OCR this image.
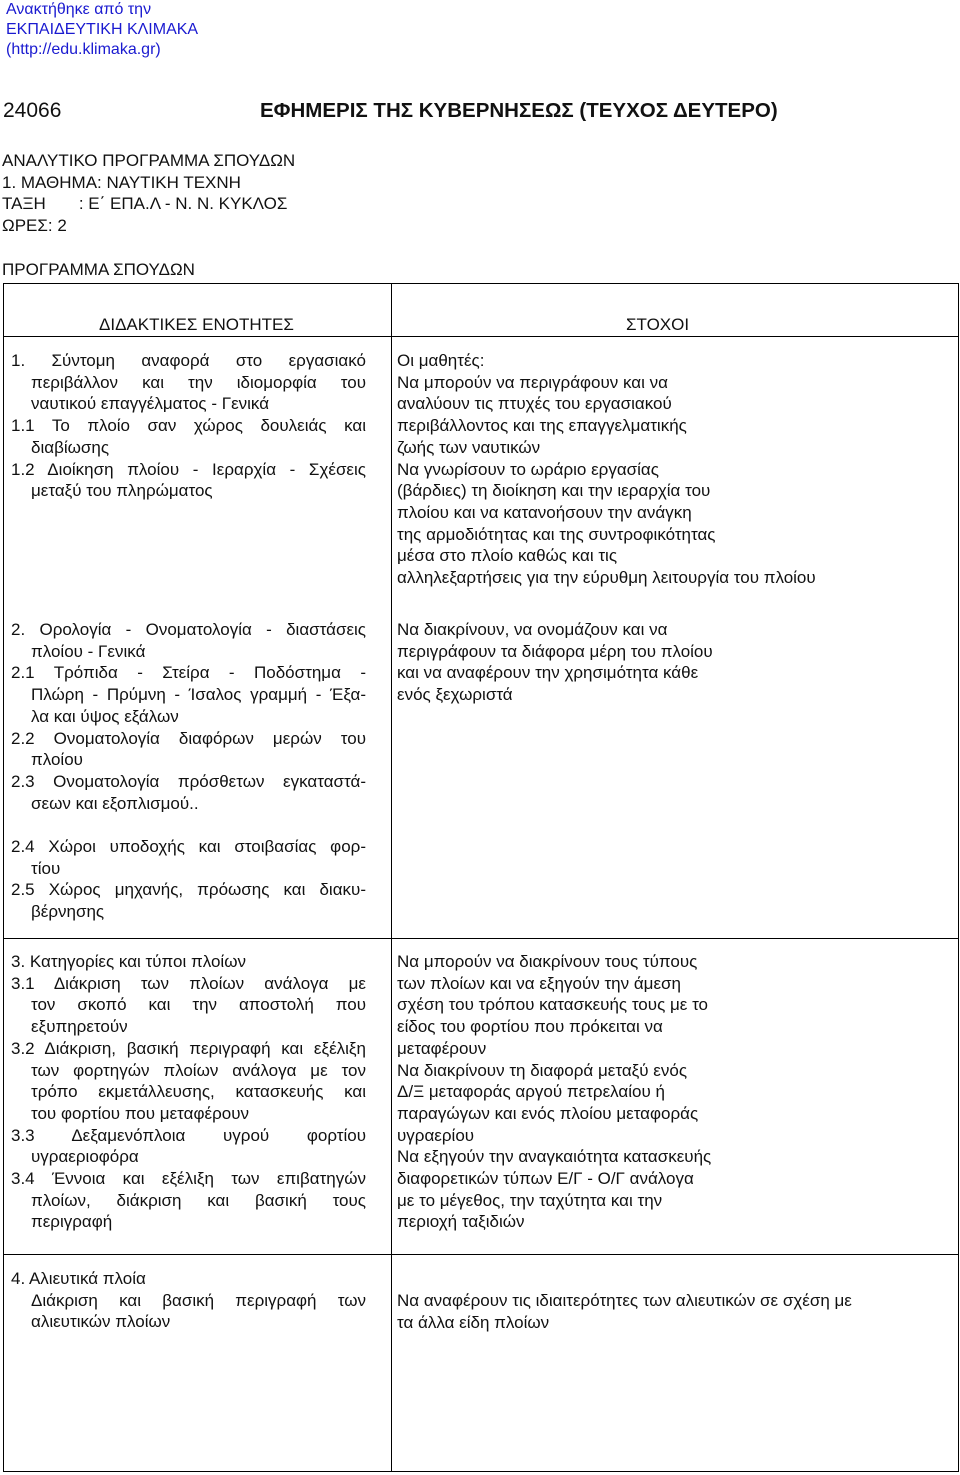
Ανακτήθηκε από την
ΕΚΠΑΙΔΕΥΤΙΚΗ ΚΛΙΜΑΚΑ
(http://edu.klimaka.gr)
24066	ΕΦΗΜΕΡΙΣ ΤΗΣ ΚΥΒΕΡΝΗΣΕΩΣ (ΤΕΥΧΟΣ ΔΕΥΤΕΡΟ)
ΑΝΑΛΥΤΙΚΟ ΠΡΟΓΡΑΜΜΑ ΣΠΟΥΔΩΝ
1. ΜΑΘΗΜΑ: ΝΑΥΤΙΚΗ ΤΕΧΝΗ
ΤΑΞΗ       : Ε΄ ΕΠΑ.Λ - Ν. Ν. ΚΥΚΛΟΣ
ΩΡΕΣ: 2
ΠΡΟΓΡΑΜΜΑ ΣΠΟΥΔΩΝ
ΔΙΔΑΚΤΙΚΕΣ ΕΝΟΤΗΤΕΣ	ΣΤΟΧΟΙ
1. Σύντομη αναφορά στο εργασιακό
περιβάλλον και την ιδιομορφία του
ναυτικού επαγγέλματος - Γενικά
1.1 Το πλοίο σαν χώρος δουλειάς και
διαβίωσης
1.2 Διοίκηση πλοίου - Ιεραρχία - Σχέσεις
μεταξύ του πληρώματος
Οι μαθητές:
Να μπορούν να περιγράφουν και να
αναλύουν τις πτυχές του εργασιακού
περιβάλλοντος και της επαγγελματικής
ζωής των ναυτικών
Να γνωρίσουν το ωράριο εργασίας
(βάρδιες) τη διοίκηση και την ιεραρχία του
πλοίου και να κατανοήσουν την ανάγκη
της αρμοδιότητας και της συντροφικότητας
μέσα στο πλοίο καθώς και τις
αλληλεξαρτήσεις για την εύρυθμη λειτουργία του πλοίου
2. Ορολογία - Ονοματολογία - διαστάσεις
πλοίου - Γενικά
2.1 Τρόπιδα - Στείρα - Ποδόστημα -
Πλώρη - Πρύμνη - Ίσαλος γραμμή - Έξα-
λα και ύψος εξάλων
2.2 Ονοματολογία διαφόρων μερών του
πλοίου
2.3 Ονοματολογία πρόσθετων εγκαταστά-
σεων και εξοπλισμού..
2.4 Χώροι υποδοχής και στοιβασίας φορ-
τίου
2.5 Χώρος μηχανής, πρόωσης και διακυ-
βέρνησης
Να διακρίνουν, να ονομάζουν και να
περιγράφουν τα διάφορα μέρη του πλοίου
και να αναφέρουν την χρησιμότητα κάθε
ενός ξεχωριστά
3. Κατηγορίες και τύποι πλοίων
3.1 Διάκριση των πλοίων ανάλογα με
τον σκοπό και την αποστολή που
εξυπηρετούν
3.2 Διάκριση, βασική περιγραφή και εξέλιξη
των φορτηγών πλοίων ανάλογα με τον
τρόπο εκμετάλλευσης, κατασκευής και
του φορτίου που μεταφέρουν
3.3 Δεξαμενόπλοια υγρού φορτίου
υγραεριοφόρα
3.4 Έννοια και εξέλιξη των επιβατηγών
πλοίων, διάκριση και βασική τους
περιγραφή
Να μπορούν να διακρίνουν τους τύπους
των πλοίων και να εξηγούν την άμεση
σχέση του τρόπου κατασκευής τους με το
είδος του φορτίου που πρόκειται να
μεταφέρουν
Να διακρίνουν τη διαφορά μεταξύ ενός
Δ/Ξ μεταφοράς αργού πετρελαίου ή
παραγώγων και ενός πλοίου μεταφοράς
υγραερίου
Να εξηγούν την αναγκαιότητα κατασκευής
διαφορετικών τύπων Ε/Γ - Ο/Γ ανάλογα
με το μέγεθος, την ταχύτητα και την
περιοχή ταξιδιών
4. Αλιευτικά πλοία
Διάκριση και βασική περιγραφή των
αλιευτικών πλοίων
Να αναφέρουν τις ιδιαιτερότητες των αλιευτικών σε σχέση με
τα άλλα είδη πλοίων
